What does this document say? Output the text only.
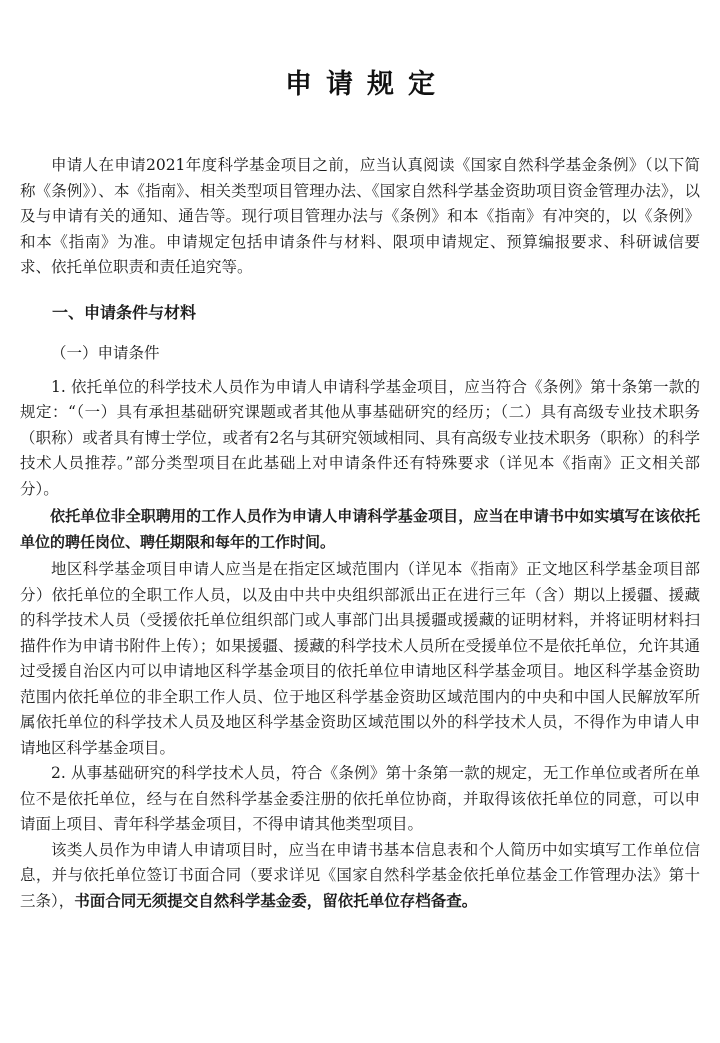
申请规定

申请人在申请2021年度科学基金项目之前，应当认真阅读《国家自然科学基金条例》（以下简称《条例》）、本《指南》、相关类型项目管理办法、《国家自然科学基金资助项目资金管理办法》，以及与申请有关的通知、通告等。现行项目管理办法与《条例》和本《指南》有冲突的，以《条例》和本《指南》为准。申请规定包括申请条件与材料、限项申请规定、预算编报要求、科研诚信要求、依托单位职责和责任追究等。

一、申请条件与材料
（一）申请条件

1. 依托单位的科学技术人员作为申请人申请科学基金项目，应当符合《条例》第十条第一款的规定：“（一）具有承担基础研究课题或者其他从事基础研究的经历；（二）具有高级专业技术职务（职称）或者具有博士学位，或者有2名与其研究领域相同、具有高级专业技术职务（职称）的科学技术人员推荐。”部分类型项目在此基础上对申请条件还有特殊要求（详见本《指南》正文相关部分）。

依托单位非全职聘用的工作人员作为申请人申请科学基金项目，应当在申请书中如实填写在该依托单位的聘任岗位、聘任期限和每年的工作时间。

地区科学基金项目申请人应当是在指定区域范围内（详见本《指南》正文地区科学基金项目部分）依托单位的全职工作人员，以及由中共中央组织部派出正在进行三年（含）期以上援疆、援藏的科学技术人员（受援依托单位组织部门或人事部门出具援疆或援藏的证明材料，并将证明材料扫描件作为申请书附件上传）；如果援疆、援藏的科学技术人员所在受援单位不是依托单位，允许其通过受援自治区内可以申请地区科学基金项目的依托单位申请地区科学基金项目。地区科学基金资助范围内依托单位的非全职工作人员、位于地区科学基金资助区域范围内的中央和中国人民解放军所属依托单位的科学技术人员及地区科学基金资助区域范围以外的科学技术人员，不得作为申请人申请地区科学基金项目。

2. 从事基础研究的科学技术人员，符合《条例》第十条第一款的规定，无工作单位或者所在单位不是依托单位，经与在自然科学基金委注册的依托单位协商，并取得该依托单位的同意，可以申请面上项目、青年科学基金项目，不得申请其他类型项目。

该类人员作为申请人申请项目时，应当在申请书基本信息表和个人简历中如实填写工作单位信息，并与依托单位签订书面合同（要求详见《国家自然科学基金依托单位基金工作管理办法》第十三条），书面合同无须提交自然科学基金委，留依托单位存档备查。
